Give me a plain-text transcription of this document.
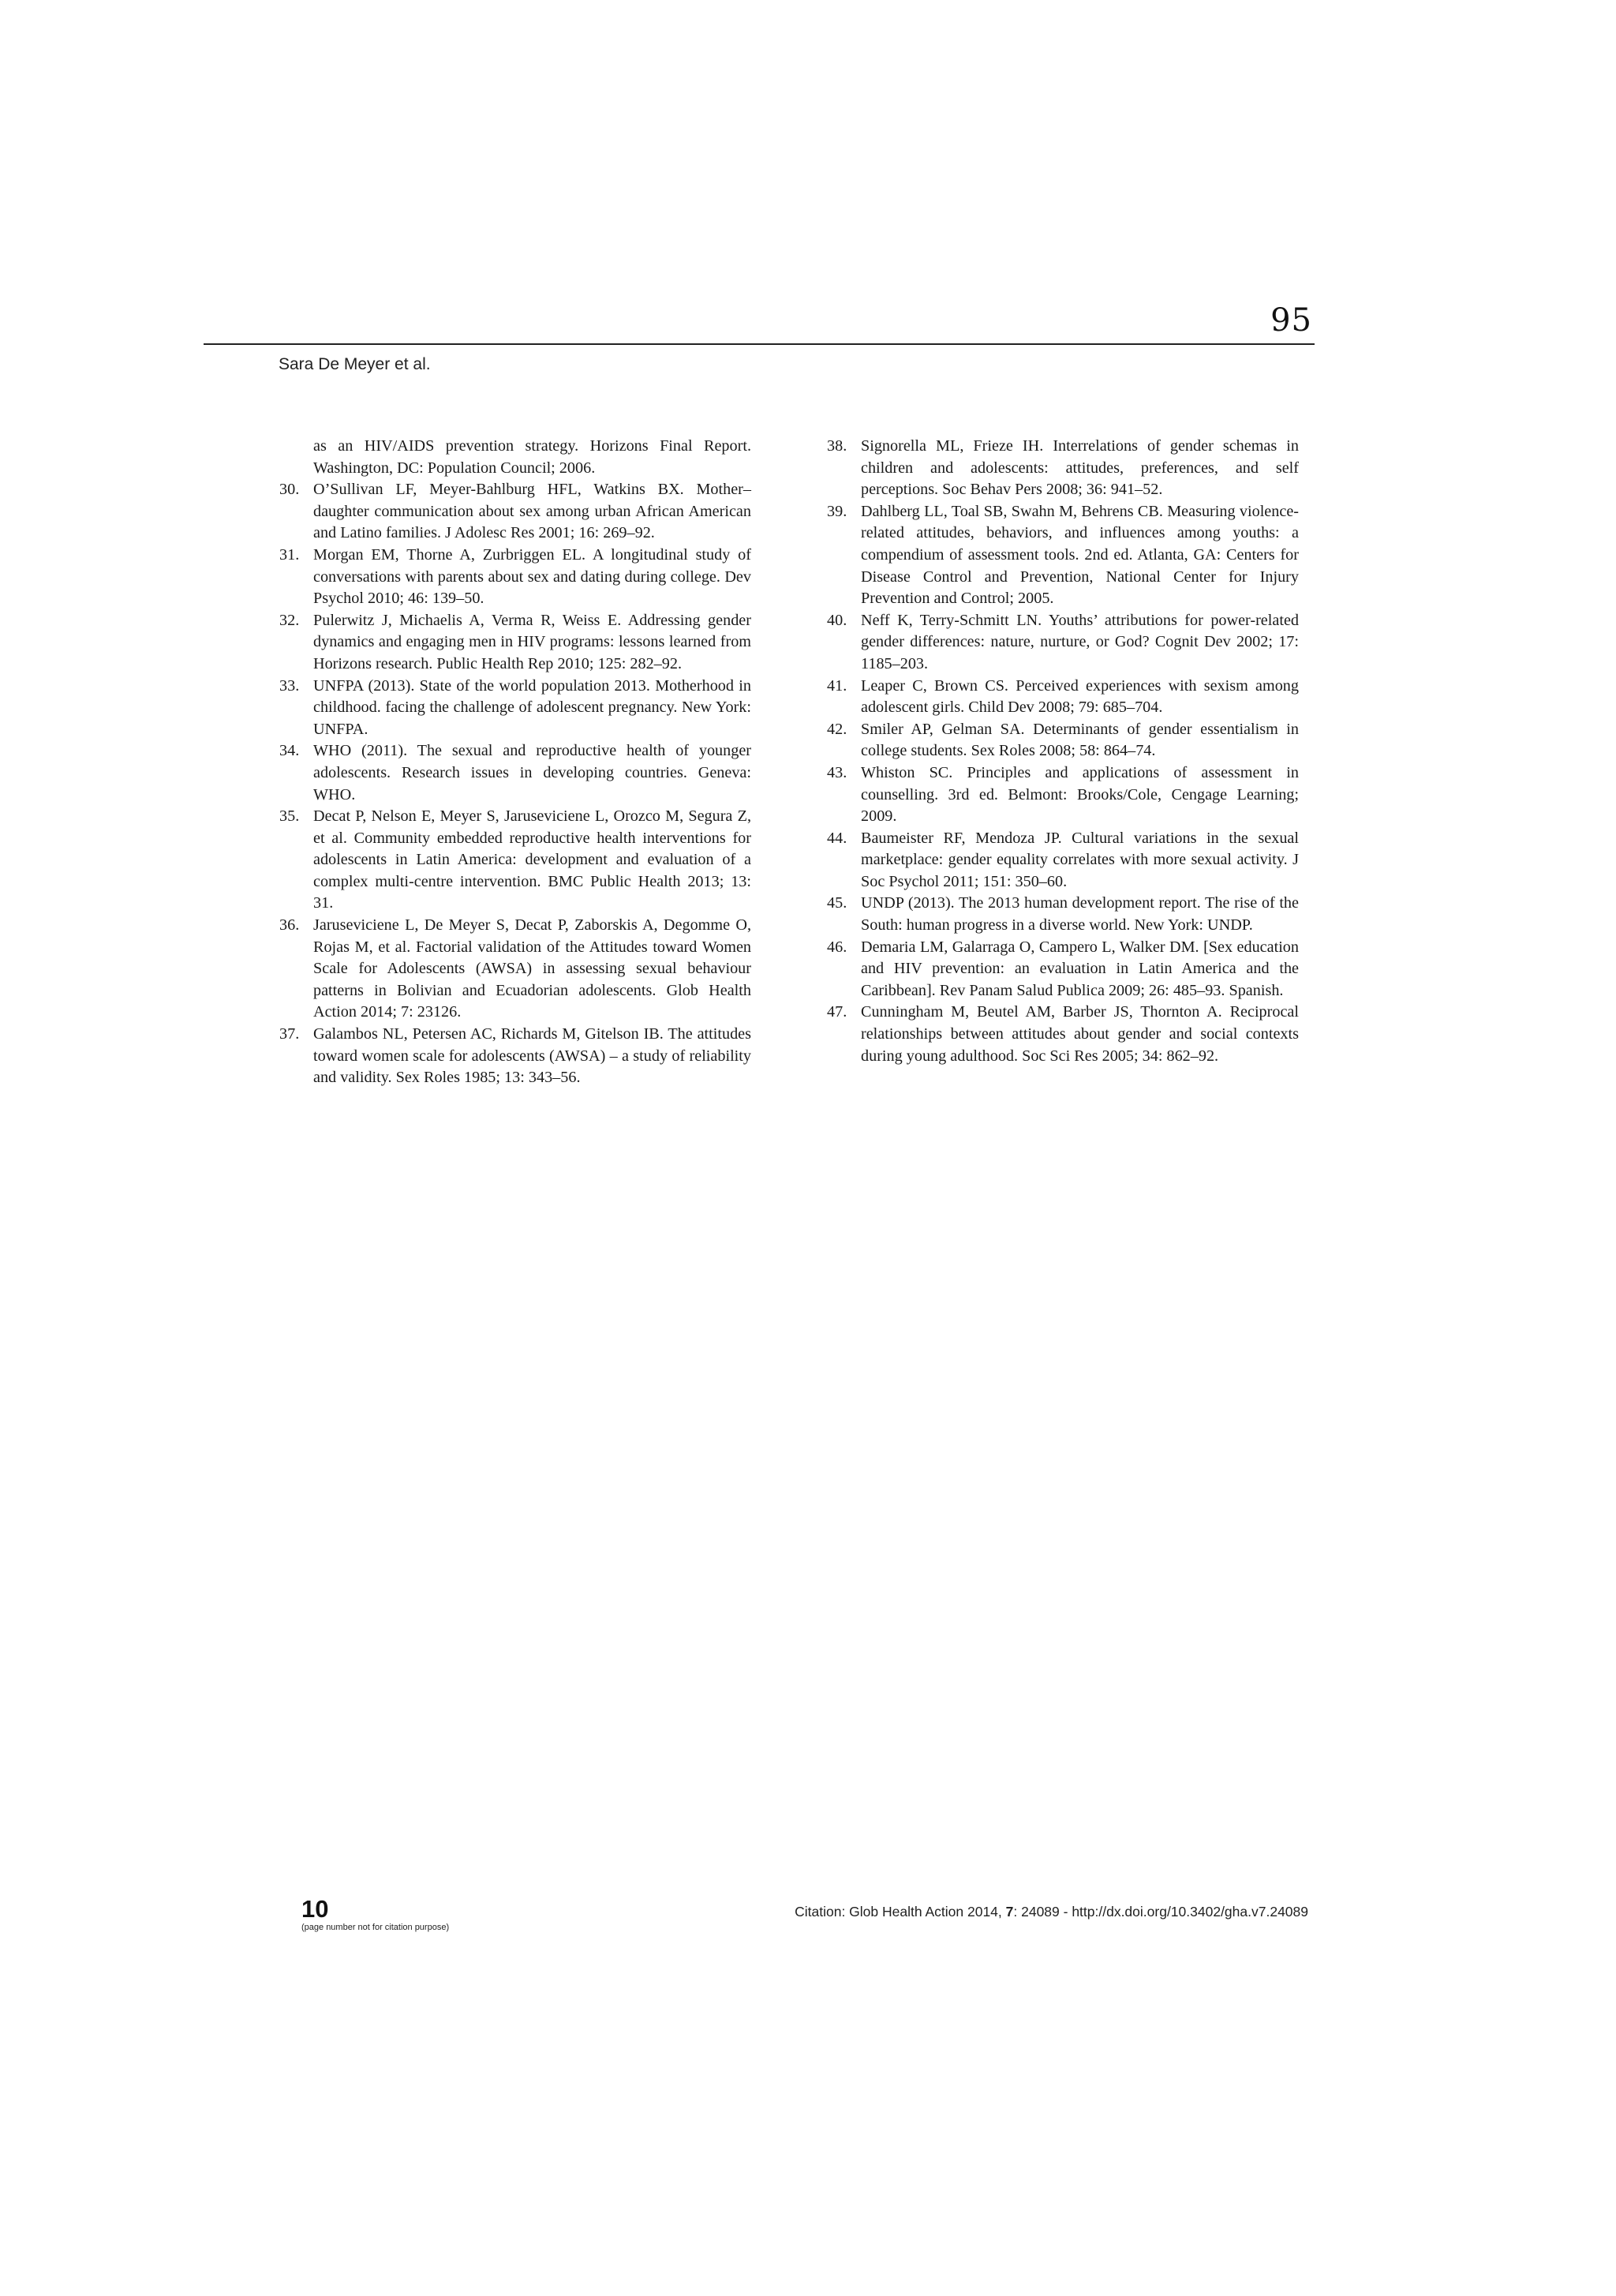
95
Sara De Meyer et al.
as an HIV/AIDS prevention strategy. Horizons Final Report. Washington, DC: Population Council; 2006.
30. O’Sullivan LF, Meyer-Bahlburg HFL, Watkins BX. Mother–daughter communication about sex among urban African American and Latino families. J Adolesc Res 2001; 16: 269–92.
31. Morgan EM, Thorne A, Zurbriggen EL. A longitudinal study of conversations with parents about sex and dating during college. Dev Psychol 2010; 46: 139–50.
32. Pulerwitz J, Michaelis A, Verma R, Weiss E. Addressing gender dynamics and engaging men in HIV programs: lessons learned from Horizons research. Public Health Rep 2010; 125: 282–92.
33. UNFPA (2013). State of the world population 2013. Motherhood in childhood. facing the challenge of adolescent pregnancy. New York: UNFPA.
34. WHO (2011). The sexual and reproductive health of younger adolescents. Research issues in developing countries. Geneva: WHO.
35. Decat P, Nelson E, Meyer S, Jaruseviciene L, Orozco M, Segura Z, et al. Community embedded reproductive health interventions for adolescents in Latin America: development and evaluation of a complex multi-centre intervention. BMC Public Health 2013; 13: 31.
36. Jaruseviciene L, De Meyer S, Decat P, Zaborskis A, Degomme O, Rojas M, et al. Factorial validation of the Attitudes toward Women Scale for Adolescents (AWSA) in assessing sexual behaviour patterns in Bolivian and Ecuadorian adolescents. Glob Health Action 2014; 7: 23126.
37. Galambos NL, Petersen AC, Richards M, Gitelson IB. The attitudes toward women scale for adolescents (AWSA) – a study of reliability and validity. Sex Roles 1985; 13: 343–56.
38. Signorella ML, Frieze IH. Interrelations of gender schemas in children and adolescents: attitudes, preferences, and self perceptions. Soc Behav Pers 2008; 36: 941–52.
39. Dahlberg LL, Toal SB, Swahn M, Behrens CB. Measuring violence-related attitudes, behaviors, and influences among youths: a compendium of assessment tools. 2nd ed. Atlanta, GA: Centers for Disease Control and Prevention, National Center for Injury Prevention and Control; 2005.
40. Neff K, Terry-Schmitt LN. Youths’ attributions for power-related gender differences: nature, nurture, or God? Cognit Dev 2002; 17: 1185–203.
41. Leaper C, Brown CS. Perceived experiences with sexism among adolescent girls. Child Dev 2008; 79: 685–704.
42. Smiler AP, Gelman SA. Determinants of gender essentialism in college students. Sex Roles 2008; 58: 864–74.
43. Whiston SC. Principles and applications of assessment in counselling. 3rd ed. Belmont: Brooks/Cole, Cengage Learning; 2009.
44. Baumeister RF, Mendoza JP. Cultural variations in the sexual marketplace: gender equality correlates with more sexual activity. J Soc Psychol 2011; 151: 350–60.
45. UNDP (2013). The 2013 human development report. The rise of the South: human progress in a diverse world. New York: UNDP.
46. Demaria LM, Galarraga O, Campero L, Walker DM. [Sex education and HIV prevention: an evaluation in Latin America and the Caribbean]. Rev Panam Salud Publica 2009; 26: 485–93. Spanish.
47. Cunningham M, Beutel AM, Barber JS, Thornton A. Reciprocal relationships between attitudes about gender and social contexts during young adulthood. Soc Sci Res 2005; 34: 862–92.
10
(page number not for citation purpose)
Citation: Glob Health Action 2014, 7: 24089 - http://dx.doi.org/10.3402/gha.v7.24089
